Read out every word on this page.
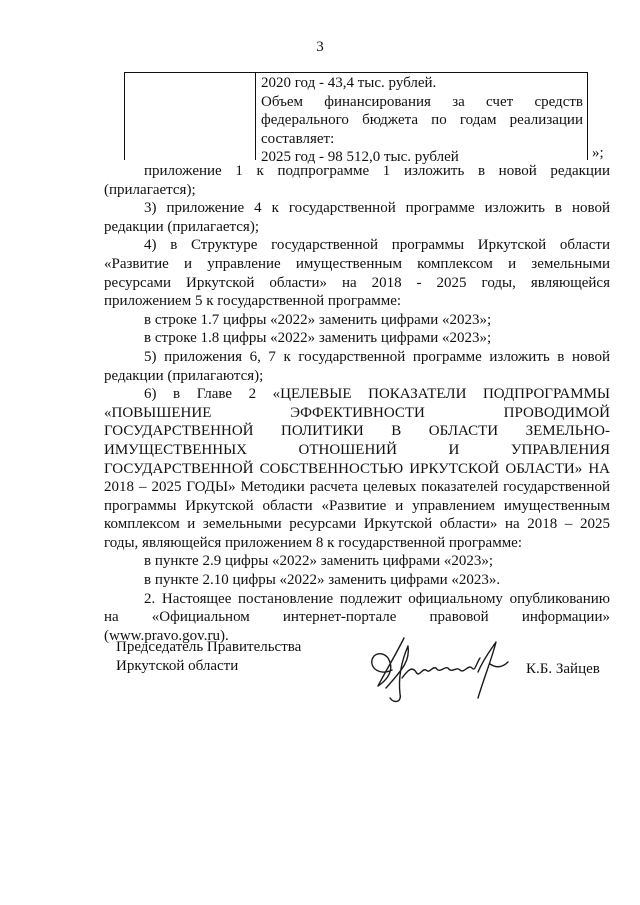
3

2020 год - 43,4 тыс. рублей.

Объем финансирования за счет средств федерального бюджета по годам реализации составляет:

2025 год - 98 512,0 тыс. рублей	»;

приложение 1 к подпрограмме 1 изложить в новой редакции (прилагается);

3) приложение 4 к государственной программе изложить в новой редакции (прилагается);

4) в Структуре государственной программы Иркутской области «Развитие и управление имущественным комплексом и земельными ресурсами Иркутской области» на 2018 - 2025 годы, являющейся приложением 5 к государственной программе:

в строке 1.7 цифры «2022» заменить цифрами «2023»;

в строке 1.8 цифры «2022» заменить цифрами «2023»;

5) приложения 6, 7 к государственной программе изложить в новой редакции (прилагаются);

6) в Главе 2 «ЦЕЛЕВЫЕ ПОКАЗАТЕЛИ ПОДПРОГРАММЫ «ПОВЫШЕНИЕ ЭФФЕКТИВНОСТИ ПРОВОДИМОЙ ГОСУДАРСТВЕННОЙ ПОЛИТИКИ В ОБЛАСТИ ЗЕМЕЛЬНО-ИМУЩЕСТВЕННЫХ ОТНОШЕНИЙ И УПРАВЛЕНИЯ ГОСУДАРСТВЕННОЙ СОБСТВЕННОСТЬЮ ИРКУТСКОЙ ОБЛАСТИ» НА 2018 – 2025 ГОДЫ» Методики расчета целевых показателей государственной программы Иркутской области «Развитие и управлением имущественным комплексом и земельными ресурсами Иркутской области» на 2018 – 2025 годы, являющейся приложением 8 к государственной программе:

в пункте 2.9 цифры «2022» заменить цифрами «2023»;

в пункте 2.10 цифры «2022» заменить цифрами «2023».

2. Настоящее постановление подлежит официальному опубликованию на «Официальном интернет-портале правовой информации» (www.pravo.gov.ru).

Председатель Правительства
Иркутской области	К.Б. Зайцев
